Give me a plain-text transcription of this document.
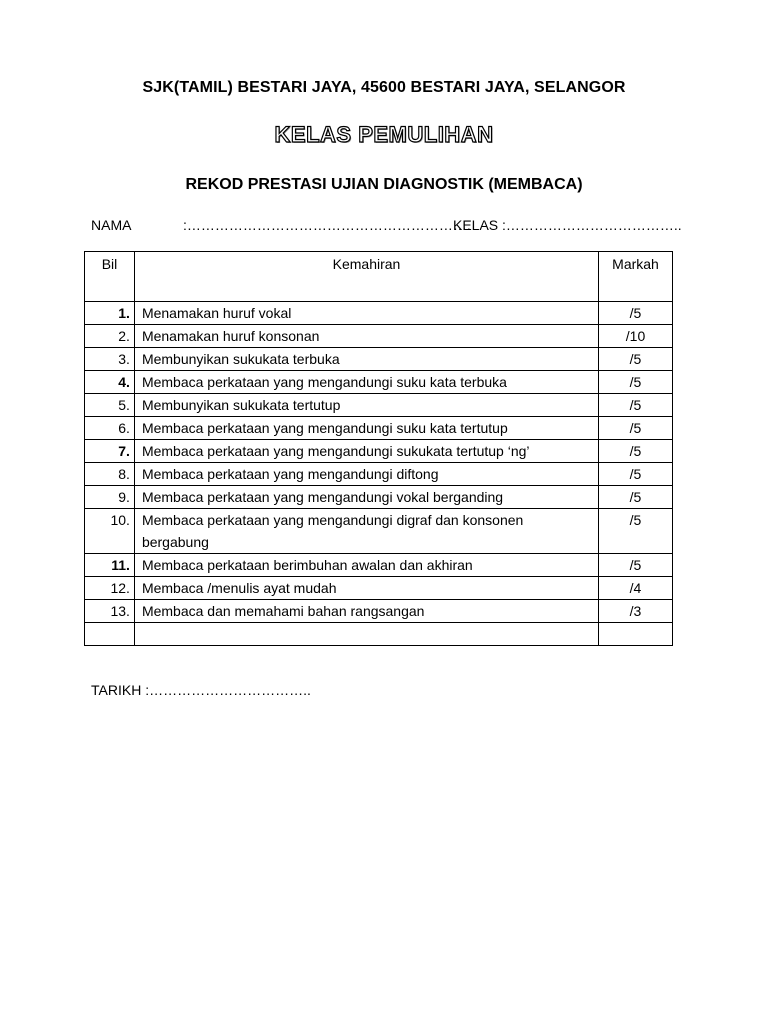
SJK(TAMIL) BESTARI JAYA, 45600 BESTARI JAYA, SELANGOR
KELAS PEMULIHAN
REKOD PRESTASI UJIAN DIAGNOSTIK (MEMBACA)
NAMA	:…………………………………………………….KELAS :………………………………..
Bil	Kemahiran	Markah
1.	Menamakan huruf vokal	/5
2.	Menamakan huruf konsonan	/10
3.	Membunyikan sukukata terbuka	/5
4.	Membaca perkataan yang mengandungi suku kata terbuka	/5
5.	Membunyikan sukukata tertutup	/5
6.	Membaca perkataan yang mengandungi suku kata tertutup	/5
7.	Membaca perkataan yang mengandungi sukukata tertutup ‘ng’	/5
8.	Membaca perkataan yang mengandungi diftong	/5
9.	Membaca perkataan yang mengandungi vokal berganding	/5
10.	Membaca perkataan yang mengandungi digraf dan konsonen bergabung	/5
11.	Membaca perkataan berimbuhan awalan dan akhiran	/5
12.	Membaca /menulis ayat mudah	/4
13.	Membaca dan memahami bahan rangsangan	/3

TARIKH :……………………………..
